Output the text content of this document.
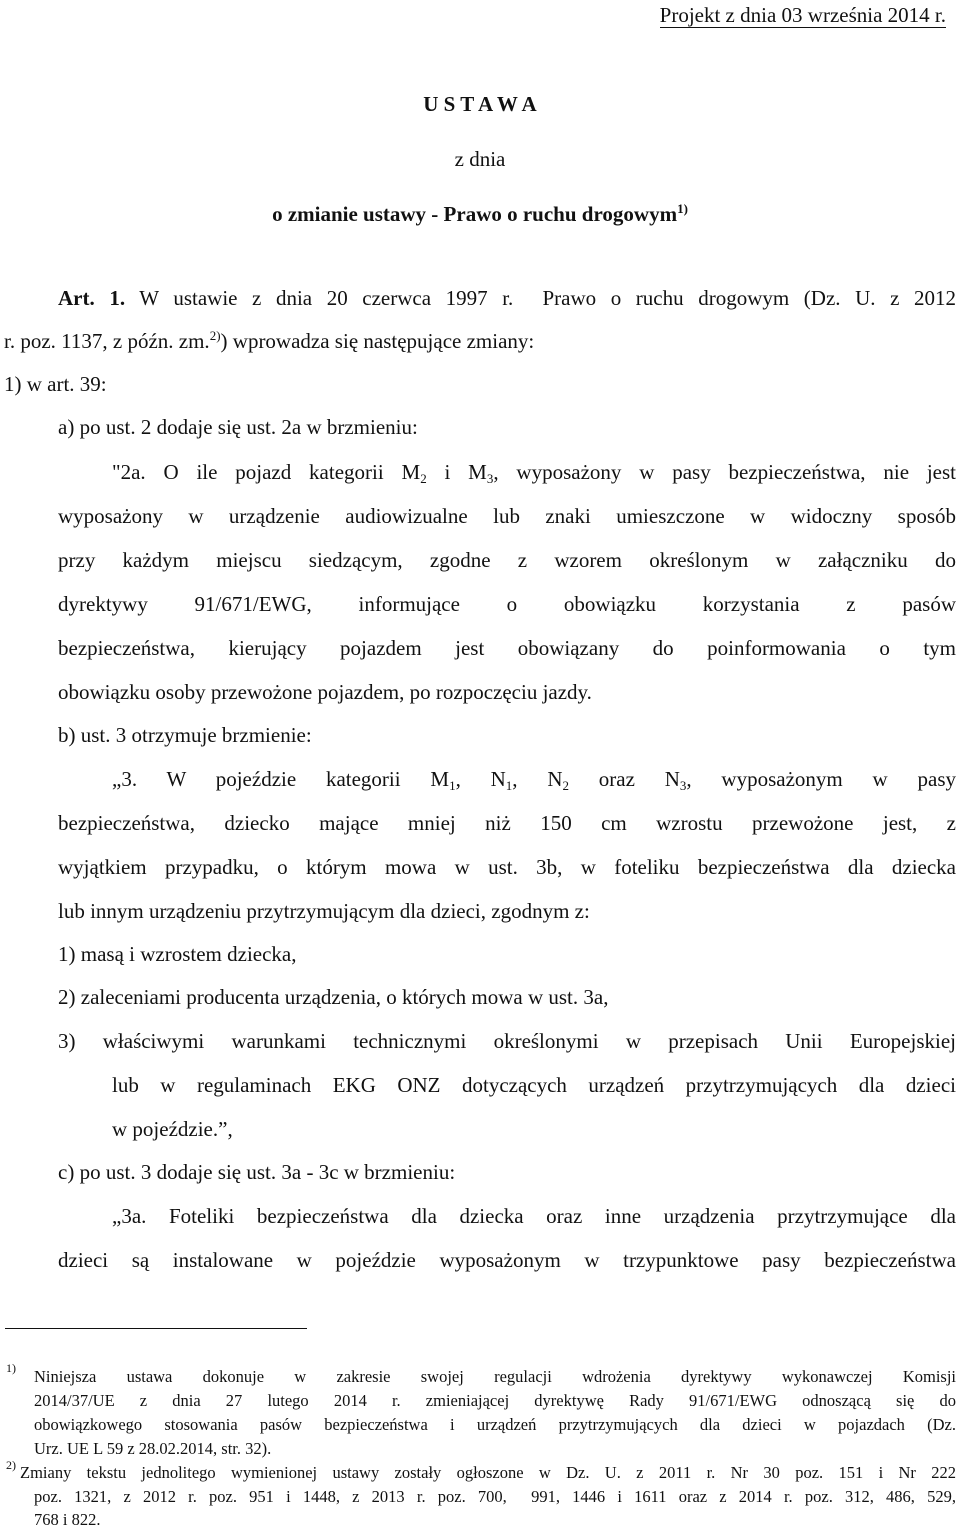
Projekt z dnia 03 września 2014 r.
U S T A W A
z dnia
o zmianie ustawy - Prawo o ruchu drogowym$^{1)}$
Art. 1. W ustawie z dnia 20 czerwca 1997 r.  Prawo o ruchu drogowym (Dz. U. z 2012
r. poz. 1137, z późn. zm.$^{2)}$) wprowadza się następujące zmiany:
1) w art. 39:
a) po ust. 2 dodaje się ust. 2a w brzmieniu:
"2a. O ile pojazd kategorii $M_2$ i $M_3$, wyposażony w pasy bezpieczeństwa, nie jest
wyposażony w urządzenie audiowizualne lub znaki umieszczone w widoczny sposób
przy każdym miejscu siedzącym, zgodne z wzorem określonym w załączniku do
dyrektywy 91/671/EWG, informujące o obowiązku korzystania z pasów
bezpieczeństwa, kierujący pojazdem jest obowiązany do poinformowania o tym
obowiązku osoby przewożone pojazdem, po rozpoczęciu jazdy.
b) ust. 3 otrzymuje brzmienie:
„3. W pojeździe kategorii $M_1$, $N_1$, $N_2$ oraz $N_3$, wyposażonym w pasy
bezpieczeństwa, dziecko mające mniej niż 150 cm wzrostu przewożone jest, z
wyjątkiem przypadku, o którym mowa w ust. 3b, w foteliku bezpieczeństwa dla dziecka
lub innym urządzeniu przytrzymującym dla dzieci, zgodnym z:
1) masą i wzrostem dziecka,
2) zaleceniami producenta urządzenia, o których mowa w ust. 3a,
3) właściwymi warunkami technicznymi określonymi w przepisach Unii Europejskiej
lub w regulaminach EKG ONZ dotyczących urządzeń przytrzymujących dla dzieci
w pojeździe.”,
c) po ust. 3 dodaje się ust. 3a - 3c w brzmieniu:
„3a. Foteliki bezpieczeństwa dla dziecka oraz inne urządzenia przytrzymujące dla
dzieci są instalowane w pojeździe wyposażonym w trzypunktowe pasy bezpieczeństwa
1) Niniejsza ustawa dokonuje w zakresie swojej regulacji wdrożenia dyrektywy wykonawczej Komisji
2014/37/UE z dnia 27 lutego 2014 r. zmieniającej dyrektywę Rady 91/671/EWG odnoszącą się do
obowiązkowego stosowania pasów bezpieczeństwa i urządzeń przytrzymujących dla dzieci w pojazdach (Dz.
Urz. UE L 59 z 28.02.2014, str. 32).
2) Zmiany tekstu jednolitego wymienionej ustawy zostały ogłoszone w Dz. U. z 2011 r. Nr 30 poz. 151 i Nr 222
poz. 1321, z 2012 r. poz. 951 i 1448, z 2013 r. poz. 700,  991, 1446 i 1611 oraz z 2014 r. poz. 312, 486, 529,
768 i 822.
